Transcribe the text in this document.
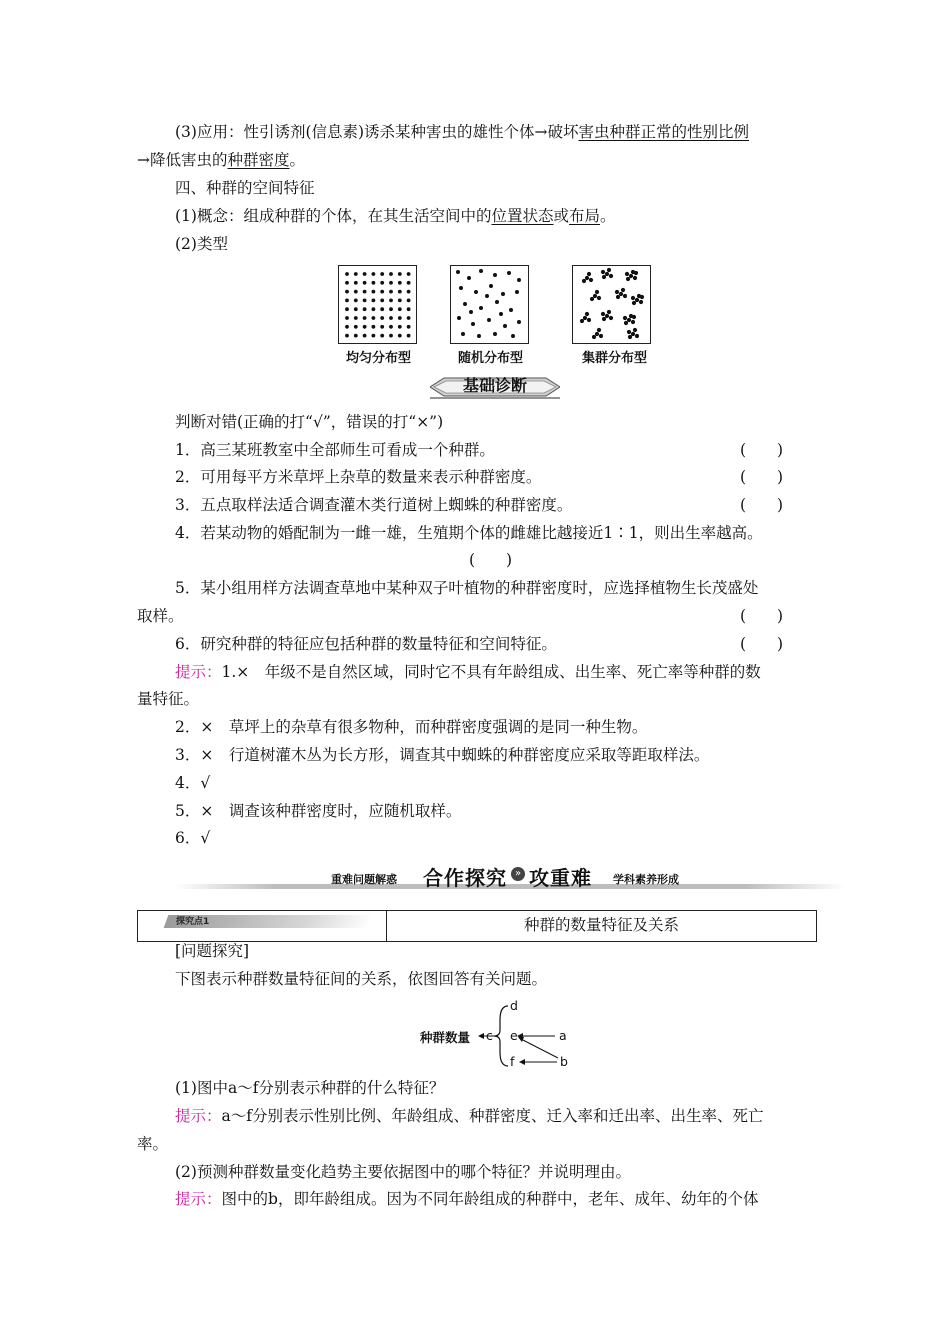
(3)应用：性引诱剂(信息素)诱杀某种害虫的雄性个体→破坏害虫种群正常的性别比例
→降低害虫的种群密度。
四、种群的空间特征
(1)概念：组成种群的个体，在其生活空间中的位置状态或布局。
(2)类型
均匀分布型	随机分布型	集群分布型
基础诊断
判断对错(正确的打“√”，错误的打“×”)
1．高三某班教室中全部师生可看成一个种群。	(　　)
2．可用每平方米草坪上杂草的数量来表示种群密度。	(　　)
3．五点取样法适合调查灌木类行道树上蜘蛛的种群密度。	(　　)
4．若某动物的婚配制为一雌一雄，生殖期个体的雌雄比越接近1∶1，则出生率越高。
(　　)
5．某小组用样方法调查草地中某种双子叶植物的种群密度时，应选择植物生长茂盛处
取样。	(　　)
6．研究种群的特征应包括种群的数量特征和空间特征。	(　　)
提示：1.×　年级不是自然区域，同时它不具有年龄组成、出生率、死亡率等种群的数
量特征。
2．×　草坪上的杂草有很多物种，而种群密度强调的是同一种生物。
3．×　行道树灌木丛为长方形，调查其中蜘蛛的种群密度应采取等距取样法。
4．√
5．×　调查该种群密度时，应随机取样。
6．√
重难问题解惑 合作探究 » 攻重难 学科素养形成
探究点1	种群的数量特征及关系
[问题探究]
下图表示种群数量特征间的关系，依图回答有关问题。
种群数量 c
d
e
f
a
b
(1)图中a～f分别表示种群的什么特征？
提示：a～f分别表示性别比例、年龄组成、种群密度、迁入率和迁出率、出生率、死亡
率。
(2)预测种群数量变化趋势主要依据图中的哪个特征？并说明理由。
提示：图中的b，即年龄组成。因为不同年龄组成的种群中，老年、成年、幼年的个体
